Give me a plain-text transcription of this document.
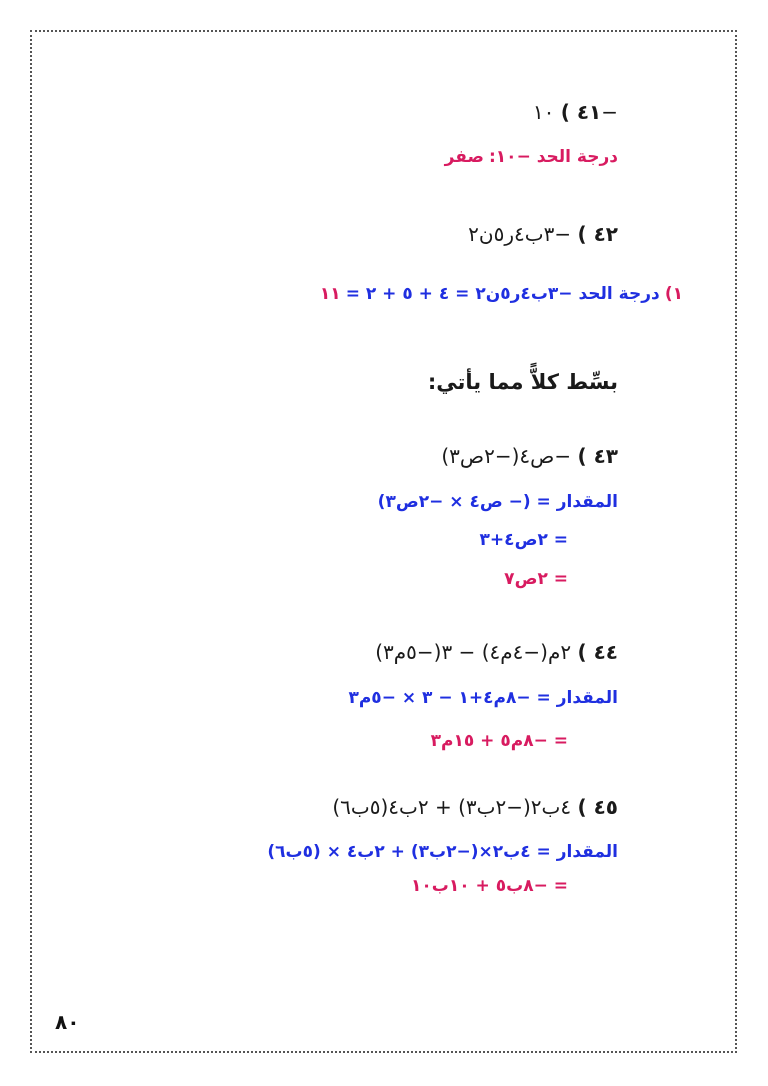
٤١ ) ١٠−
درجة الحد −١٠: صفر
٤٢ ) −٣ب٤ر٥ن٢
١) درجة الحد −٣ب٤ر٥ن٢ = ٤ + ٥ + ٢ = ١١
بسِّط كلاًّ مما يأتي:
٤٣ ) −ص٤(−٢ص٣)
المقدار = (− ص٤ × −٢ص٣)
= ٢ص٤+٣
= ٢ص٧
٤٤ ) ٢م(−٤م٤) − ٣(−٥م٣)
المقدار = −٨م٤+١ − ٣ × −٥م٣
= −٨م٥ + ١٥م٣
٤٥ ) ٤ب٢(−٢ب٣) + ٢ب٤(٥ب٦)
المقدار = ٤ب٢×(−٢ب٣) + ٢ب٤ × (٥ب٦)
= −٨ب٥ + ١٠ب١٠
٨٠
